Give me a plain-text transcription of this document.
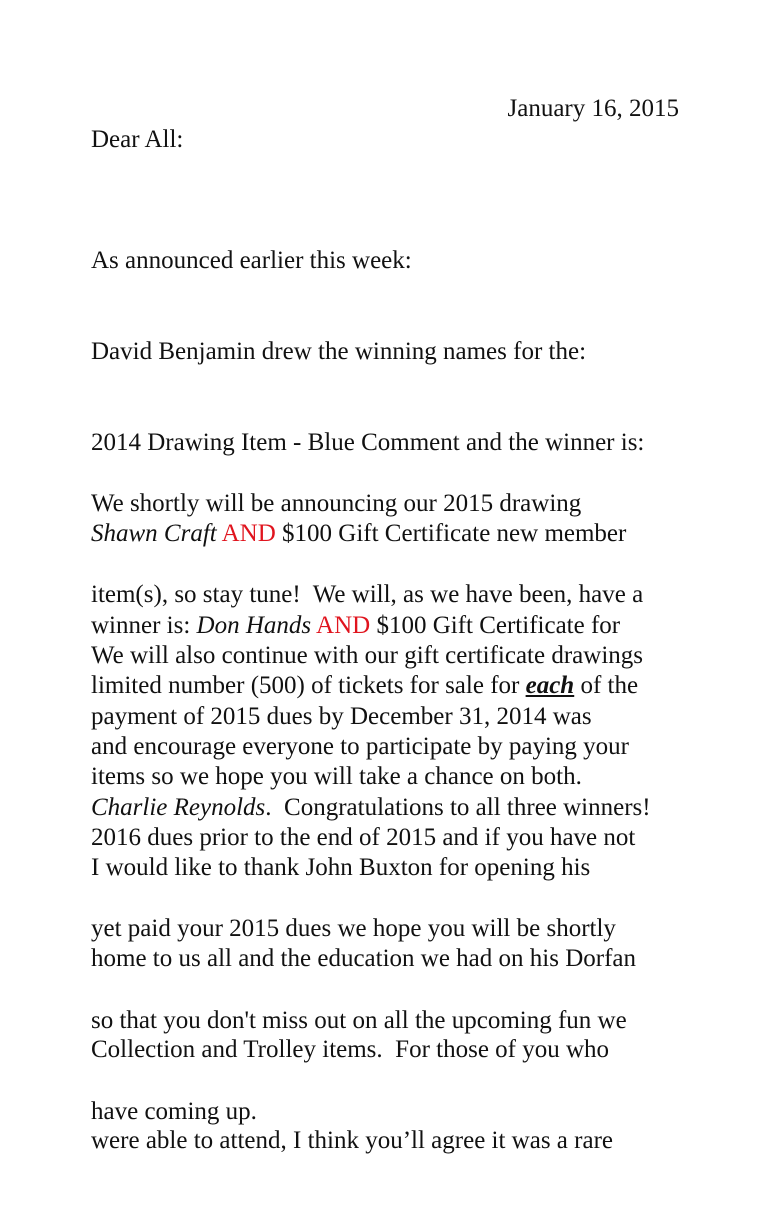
January 16, 2015
Dear All:

As announced earlier this week:

David Benjamin drew the winning names for the:

2014 Drawing Item - Blue Comment and the winner is:

Shawn Craft AND $100 Gift Certificate new member

winner is: Don Hands AND $100 Gift Certificate for

payment of 2015 dues by December 31, 2014 was

Charlie Reynolds.  Congratulations to all three winners!

We shortly will be announcing our 2015 drawing

item(s), so stay tune!  We will, as we have been, have a

limited number (500) of tickets for sale for each of the

items so we hope you will take a chance on both.

We will also continue with our gift certificate drawings

and encourage everyone to participate by paying your

2016 dues prior to the end of 2015 and if you have not

yet paid your 2015 dues we hope you will be shortly

so that you don't miss out on all the upcoming fun we

have coming up.

I would like to thank John Buxton for opening his

home to us all and the education we had on his Dorfan

Collection and Trolley items.  For those of you who

were able to attend, I think you’ll agree it was a rare
